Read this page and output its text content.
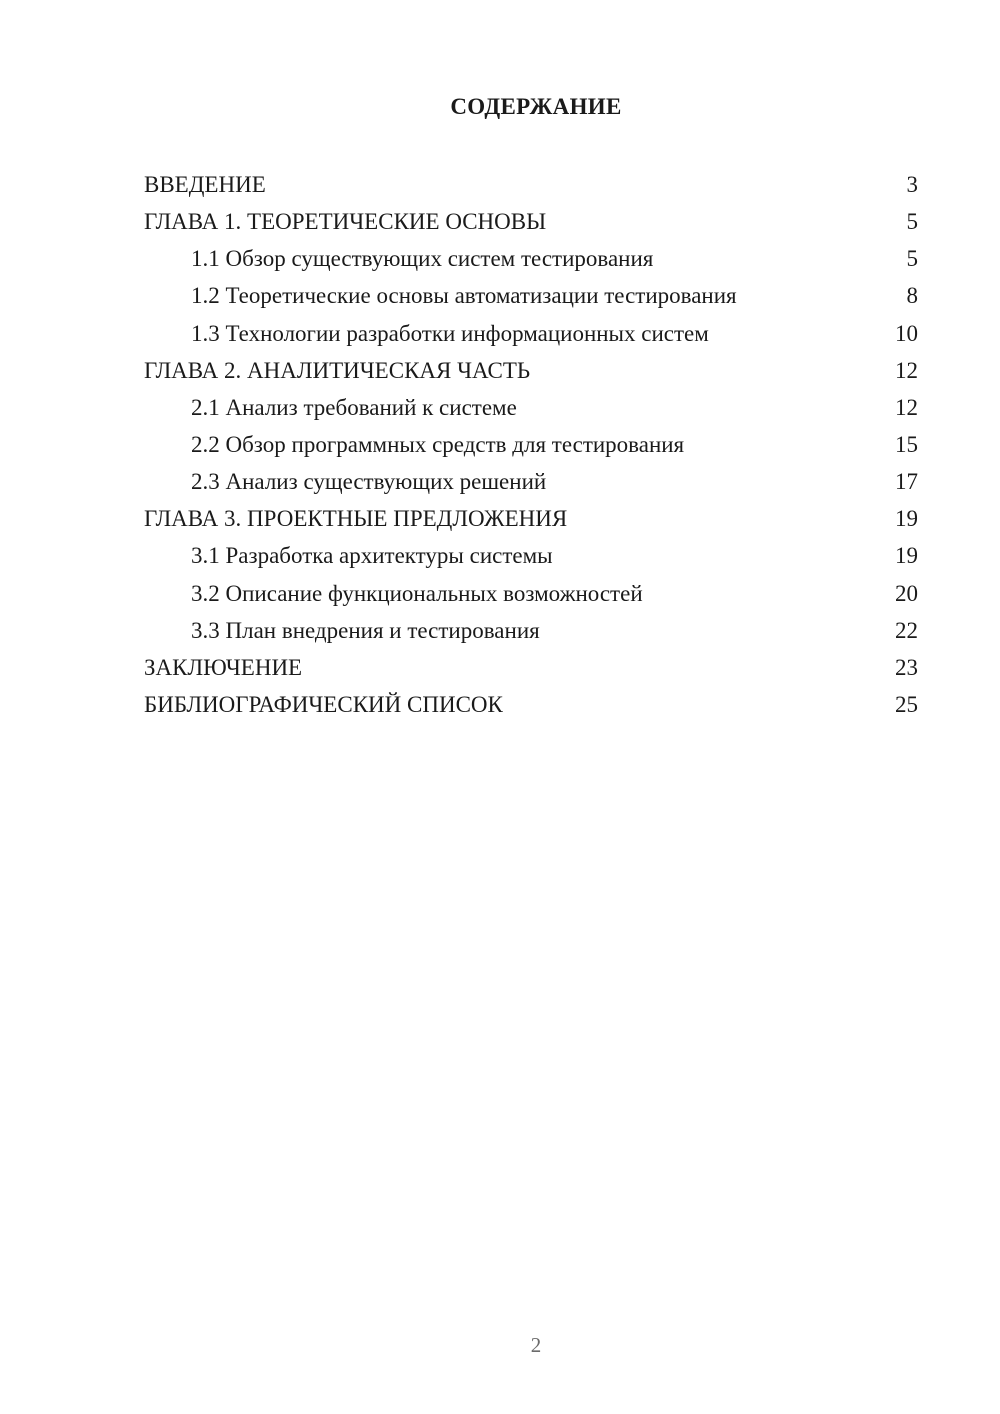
СОДЕРЖАНИЕ
ВВЕДЕНИЕ	3
ГЛАВА 1. ТЕОРЕТИЧЕСКИЕ ОСНОВЫ	5
1.1 Обзор существующих систем тестирования	5
1.2 Теоретические основы автоматизации тестирования	8
1.3 Технологии разработки информационных систем	10
ГЛАВА 2. АНАЛИТИЧЕСКАЯ ЧАСТЬ	12
2.1 Анализ требований к системе	12
2.2 Обзор программных средств для тестирования	15
2.3 Анализ существующих решений	17
ГЛАВА 3. ПРОЕКТНЫЕ ПРЕДЛОЖЕНИЯ	19
3.1 Разработка архитектуры системы	19
3.2 Описание функциональных возможностей	20
3.3 План внедрения и тестирования	22
ЗАКЛЮЧЕНИЕ	23
БИБЛИОГРАФИЧЕСКИЙ СПИСОК	25
2
